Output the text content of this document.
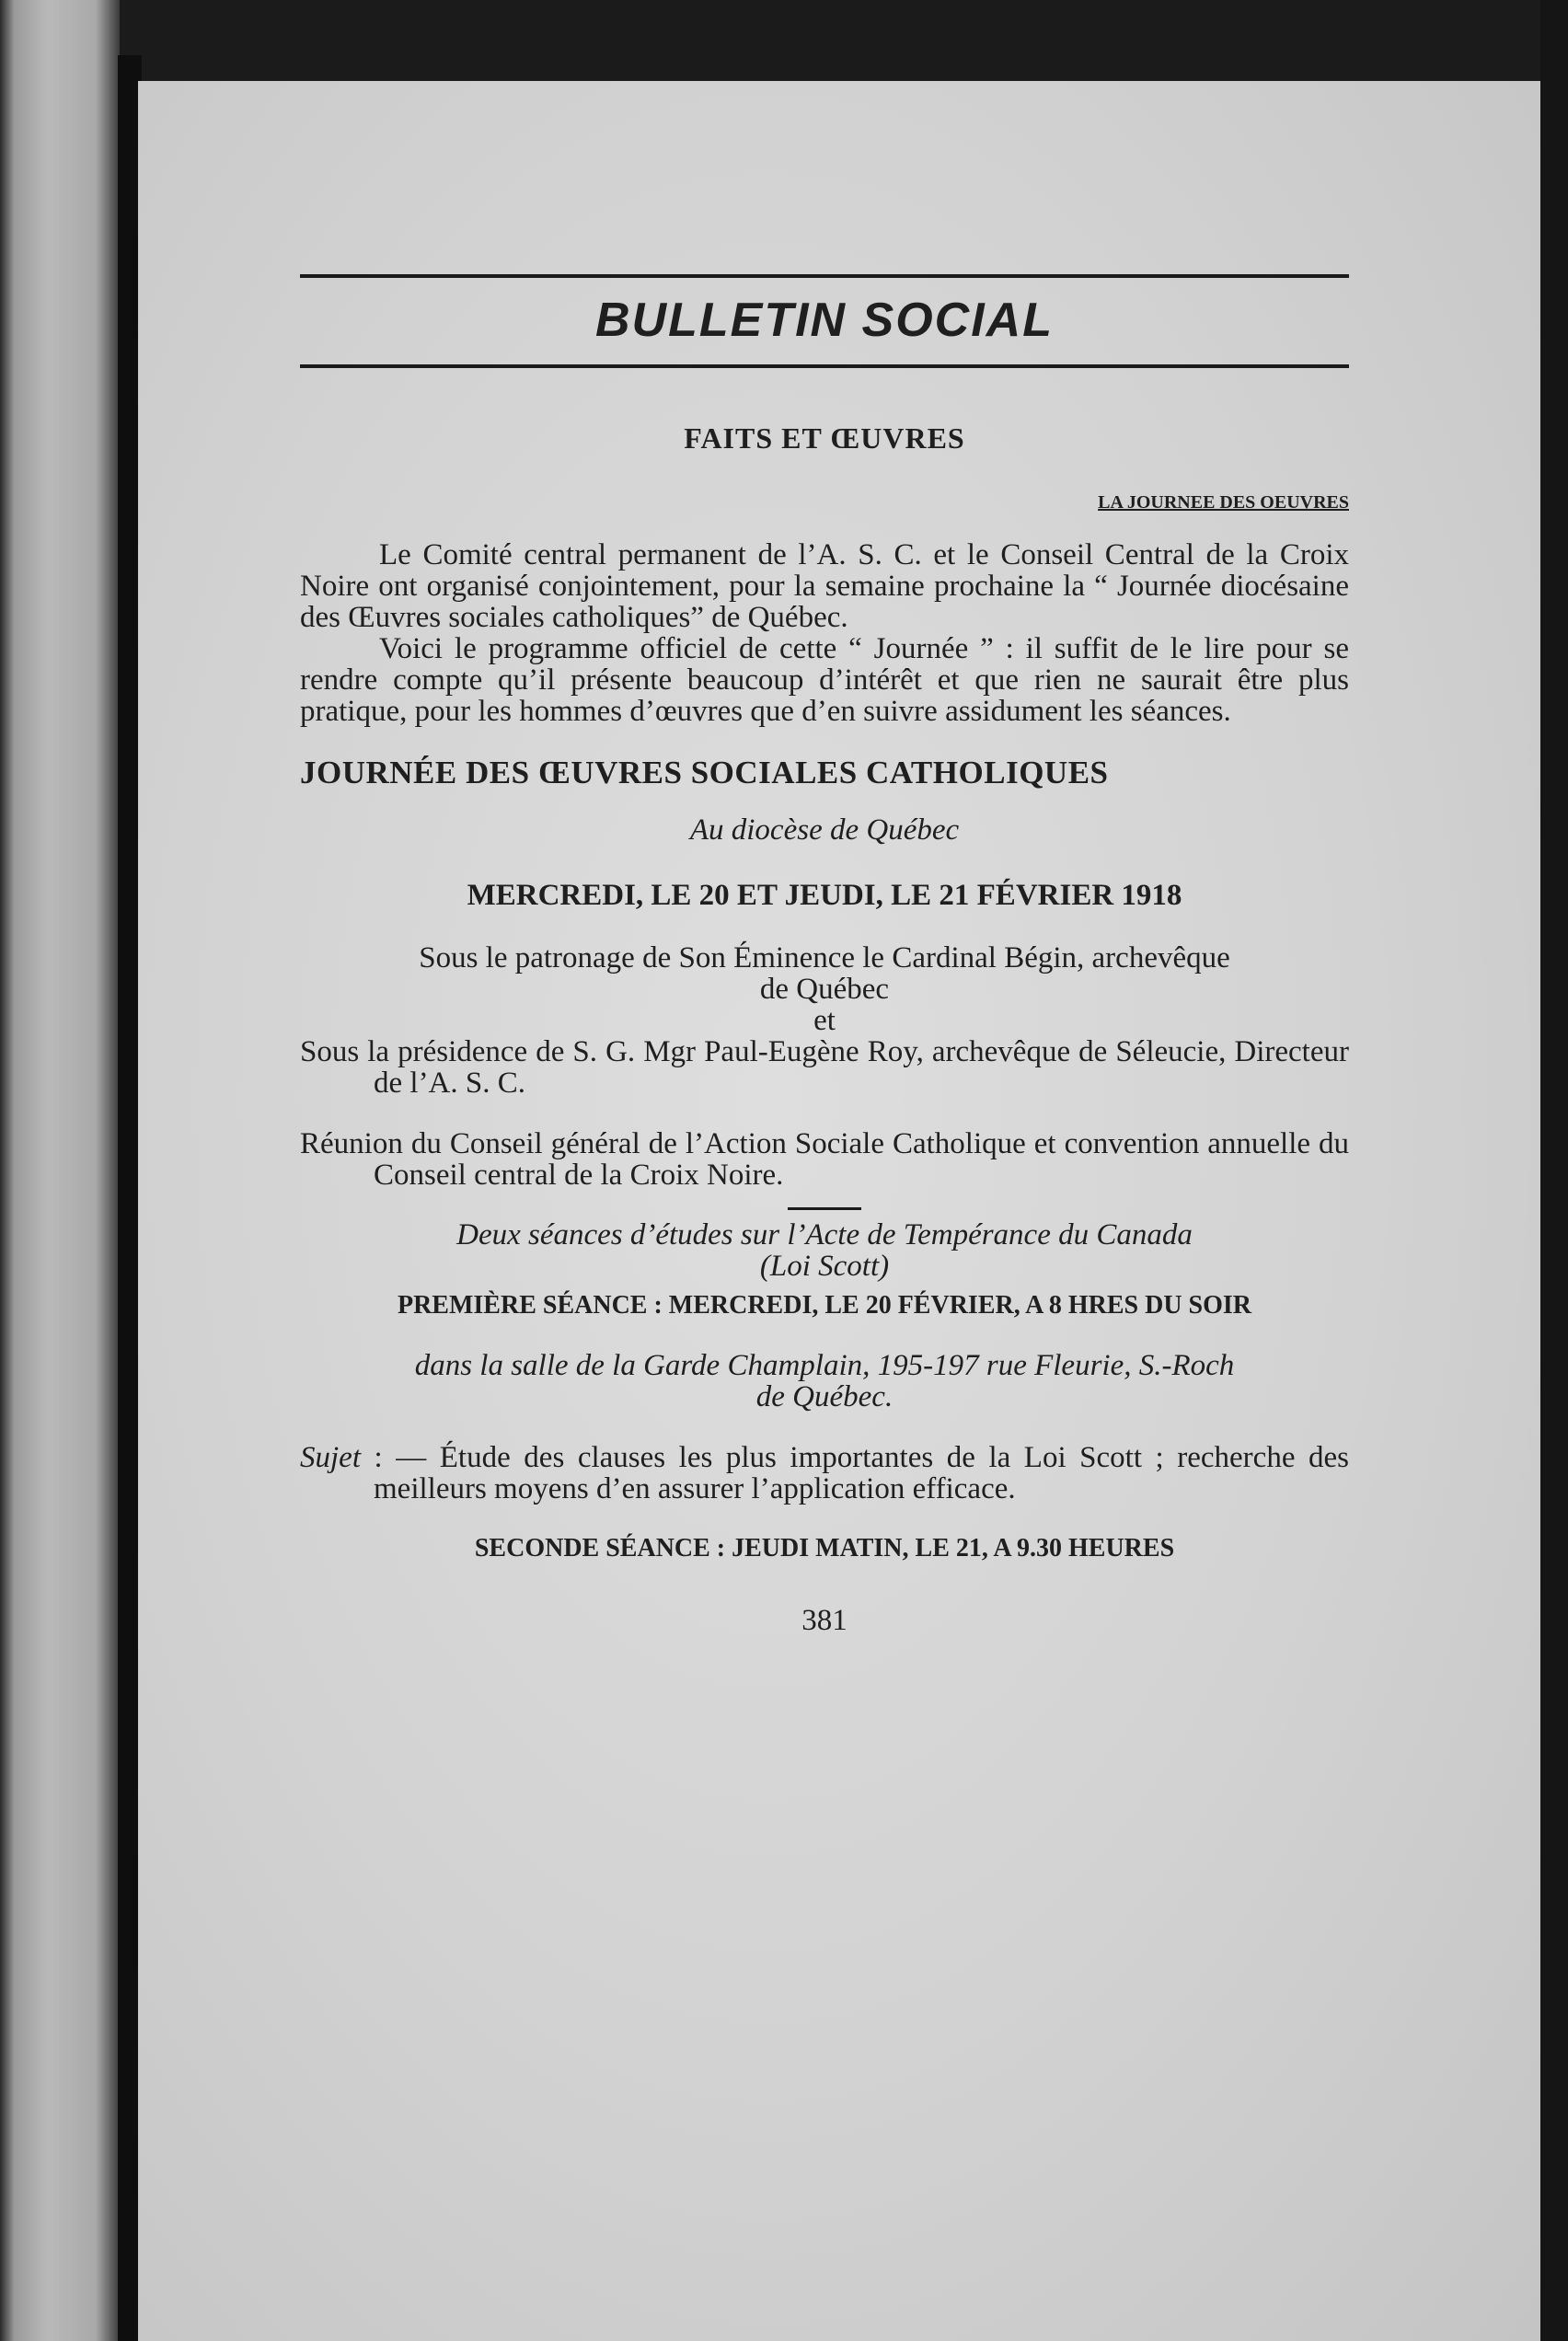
BULLETIN SOCIAL
FAITS ET ŒUVRES
LA JOURNEE DES OEUVRES

Le Comité central permanent de l’A. S. C. et le Conseil Central de la Croix Noire ont organisé conjointement, pour la semaine prochaine la “ Journée diocésaine des Œuvres sociales catholiques” de Québec.

Voici le programme officiel de cette “ Journée ” : il suffit de le lire pour se rendre compte qu’il présente beaucoup d’intérêt et que rien ne saurait être plus pratique, pour les hommes d’œuvres que d’en suivre assidument les séances.

JOURNÉE DES ŒUVRES SOCIALES CATHOLIQUES
Au diocèse de Québec
MERCREDI, LE 20 ET JEUDI, LE 21 FÉVRIER 1918

Sous le patronage de Son Éminence le Cardinal Bégin, archevêque

de Québec

et

Sous la présidence de S. G. Mgr Paul-Eugène Roy, archevêque de Séleucie, Directeur de l’A. S. C.

Réunion du Conseil général de l’Action Sociale Catholique et convention annuelle du Conseil central de la Croix Noire.

Deux séances d’études sur l’Acte de Tempérance du Canada

(Loi Scott)

PREMIÈRE SÉANCE : MERCREDI, LE 20 FÉVRIER, A 8 HRES DU SOIR

dans la salle de la Garde Champlain, 195-197 rue Fleurie, S.-Roch

de Québec.

Sujet : — Étude des clauses les plus importantes de la Loi Scott ; recherche des meilleurs moyens d’en assurer l’application efficace.

SECONDE SÉANCE : JEUDI MATIN, LE 21, A 9.30 HEURES
381
